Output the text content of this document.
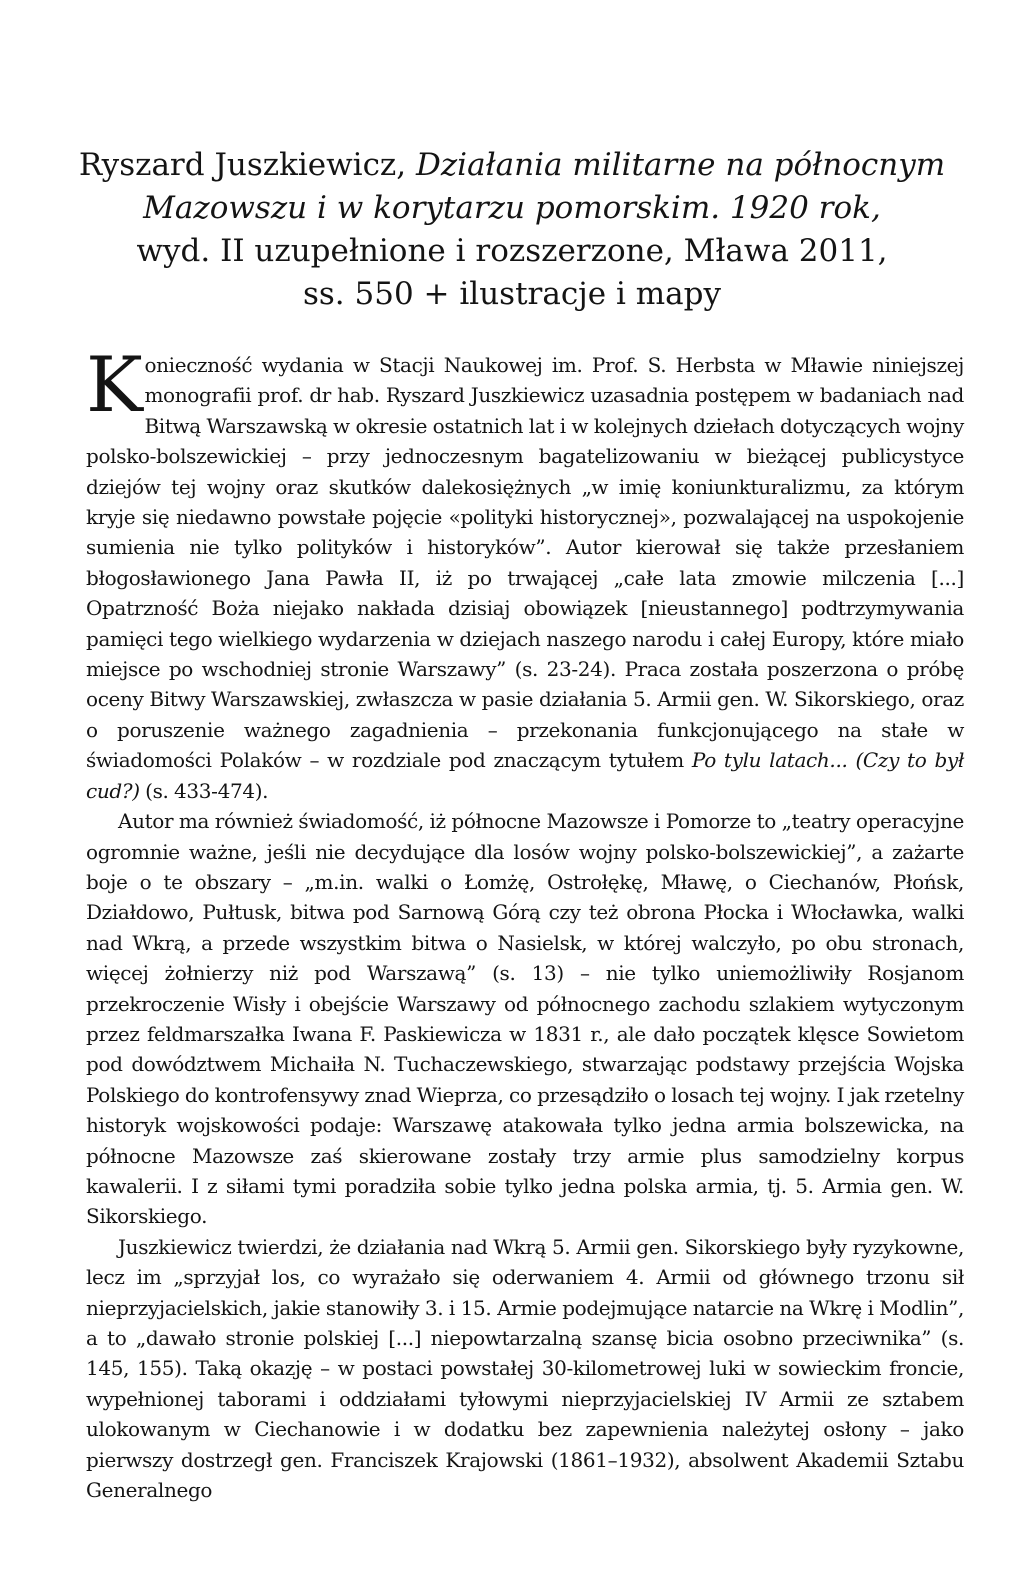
Ryszard Juszkiewicz, Działania militarne na północnym Mazowszu i w korytarzu pomorskim. 1920 rok,
wyd. II uzupełnione i rozszerzone, Mława 2011,
ss. 550 + ilustracje i mapy

Konieczność wydania w Stacji Naukowej im. Prof. S. Herbsta w Mławie niniejszej monografii prof. dr hab. Ryszard Juszkiewicz uzasadnia postępem w badaniach nad Bitwą Warszawską w okresie ostatnich lat i w kolejnych dziełach dotyczących wojny polsko-bolszewickiej – przy jednoczesnym bagatelizowaniu w bieżącej publicystyce dziejów tej wojny oraz skutków dalekosiężnych „w imię koniunkturalizmu, za którym kryje się niedawno powstałe pojęcie «polityki historycznej», pozwalającej na uspokojenie sumienia nie tylko polityków i historyków”. Autor kierował się także przesłaniem błogosławionego Jana Pawła II, iż po trwającej „całe lata zmowie milczenia [...] Opatrzność Boża niejako nakłada dzisiaj obowiązek [nieustannego] podtrzymywania pamięci tego wielkiego wydarzenia w dziejach naszego narodu i całej Europy, które miało miejsce po wschodniej stronie Warszawy” (s. 23-24). Praca została poszerzona o próbę oceny Bitwy Warszawskiej, zwłaszcza w pasie działania 5. Armii gen. W. Sikorskiego, oraz o poruszenie ważnego zagadnienia – przekonania funkcjonującego na stałe w świadomości Polaków – w rozdziale pod znaczącym tytułem Po tylu latach... (Czy to był cud?) (s. 433-474).

Autor ma również świadomość, iż północne Mazowsze i Pomorze to „teatry operacyjne ogromnie ważne, jeśli nie decydujące dla losów wojny polsko-bolszewickiej”, a zażarte boje o te obszary – „m.in. walki o Łomżę, Ostrołękę, Mławę, o Ciechanów, Płońsk, Działdowo, Pułtusk, bitwa pod Sarnową Górą czy też obrona Płocka i Włocławka, walki nad Wkrą, a przede wszystkim bitwa o Nasielsk, w której walczyło, po obu stronach, więcej żołnierzy niż pod Warszawą” (s. 13) – nie tylko uniemożliwiły Rosjanom przekroczenie Wisły i obejście Warszawy od północnego zachodu szlakiem wytyczonym przez feldmarszałka Iwana F. Paskiewicza w 1831 r., ale dało początek klęsce Sowietom pod dowództwem Michaiła N. Tuchaczewskiego, stwarzając podstawy przejścia Wojska Polskiego do kontrofensywy znad Wieprza, co przesądziło o losach tej wojny. I jak rzetelny historyk wojskowości podaje: Warszawę atakowała tylko jedna armia bolszewicka, na północne Mazowsze zaś skierowane zostały trzy armie plus samodzielny korpus kawalerii. I z siłami tymi poradziła sobie tylko jedna polska armia, tj. 5. Armia gen. W. Sikorskiego.

Juszkiewicz twierdzi, że działania nad Wkrą 5. Armii gen. Sikorskiego były ryzykowne, lecz im „sprzyjał los, co wyrażało się oderwaniem 4. Armii od głównego trzonu sił nieprzyjacielskich, jakie stanowiły 3. i 15. Armie podejmujące natarcie na Wkrę i Modlin”, a to „dawało stronie polskiej [...] niepowtarzalną szansę bicia osobno przeciwnika” (s. 145, 155). Taką okazję – w postaci powstałej 30-kilometrowej luki w sowieckim froncie, wypełnionej taborami i oddziałami tyłowymi nieprzyjacielskiej IV Armii ze sztabem ulokowanym w Ciechanowie i w dodatku bez zapewnienia należytej osłony – jako pierwszy dostrzegł gen. Franciszek Krajowski (1861–1932), absolwent Akademii Sztabu Generalnego
